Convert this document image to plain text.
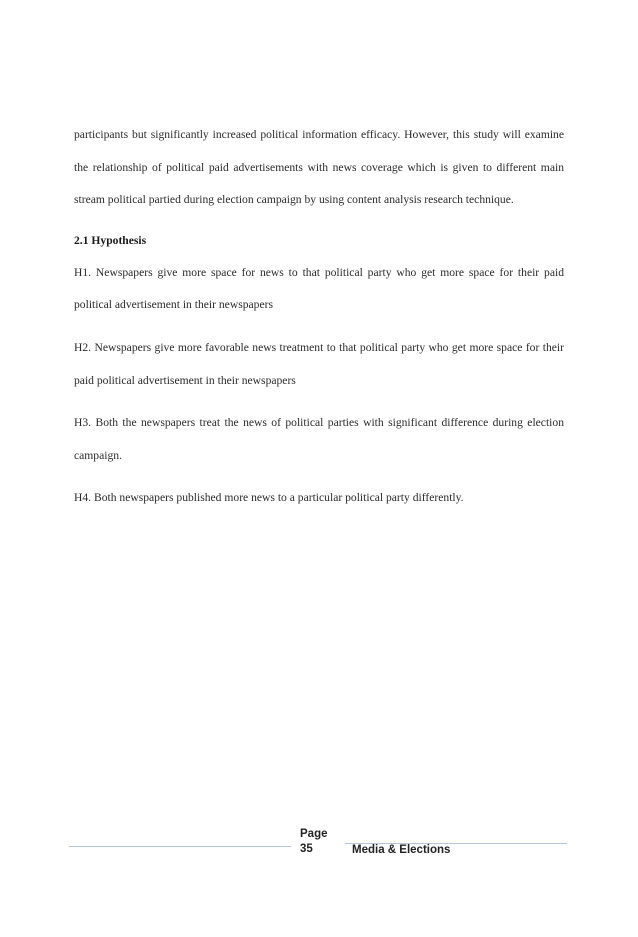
participants but significantly increased political information efficacy. However, this study will examine the relationship of political paid advertisements with news coverage which is given to different main stream political partied during election campaign by using content analysis research technique.

2.1 Hypothesis

H1. Newspapers give more space for news to that political party who get more space for their paid political advertisement in their newspapers

H2. Newspapers give more favorable news treatment to that political party who get more space for their paid political advertisement in their newspapers

H3. Both the newspapers treat the news of political parties with significant difference during election campaign.

H4. Both newspapers published more news to a particular political party differently.

Page
35	Media & Elections
